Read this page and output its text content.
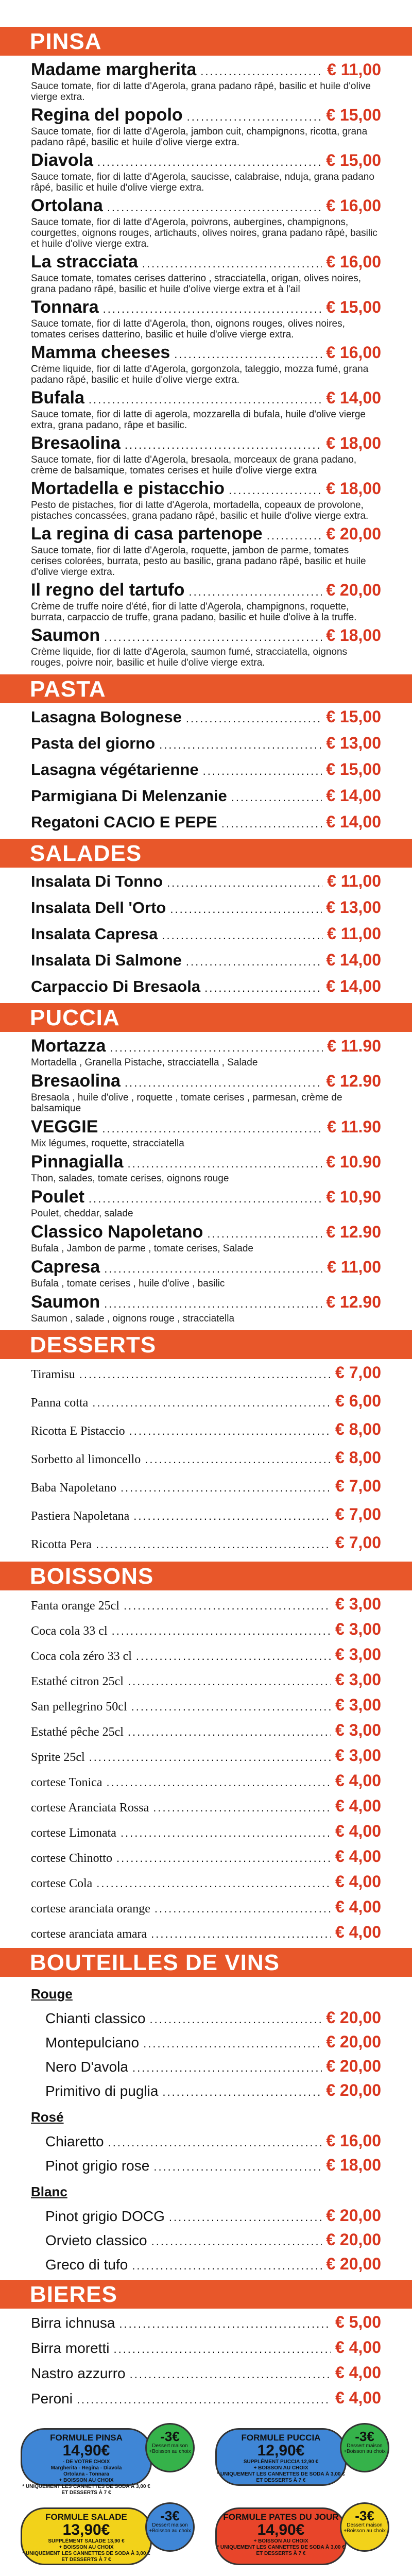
PINSA
Madame margherita .....	€ 11,00
Sauce tomate, fior di latte d'Agerola, grana padano râpé, basilic et huile d'olive vierge extra.
Regina del popolo .....	€ 15,00
Sauce tomate, fior di latte d'Agerola, jambon cuit, champignons, ricotta, grana padano râpé, basilic et huile d'olive vierge extra.
Diavola .....	€ 15,00
Sauce tomate, fior di latte d'Agerola, saucisse, calabraise, nduja, grana padano râpé, basilic et huile d'olive vierge extra.
Ortolana .....	€ 16,00
Sauce tomate, fior di latte d'Agerola, poivrons, aubergines, champignons, courgettes, oignons rouges, artichauts, olives noires, grana padano râpé, basilic et huile d'olive vierge extra.
La stracciata .....	€ 16,00
Sauce tomate, tomates cerises datterino , stracciatella, origan, olives noires, grana padano râpé, basilic et huile d'olive vierge extra et à l'ail
Tonnara .....	€ 15,00
Sauce tomate, fior di latte d'Agerola, thon, oignons rouges, olives noires, tomates cerises datterino, basilic et huile d'olive vierge extra.
Mamma cheeses .....	€ 16,00
Crème liquide, fior di latte d'Agerola, gorgonzola, taleggio, mozza fumé, grana padano râpé, basilic et huile d'olive vierge extra.
Bufala .....	€ 14,00
Sauce tomate, fior di latte di agerola, mozzarella di bufala, huile d'olive vierge extra, grana padano, râpe et basilic.
Bresaolina .....	€ 18,00
Sauce tomate, fior di latte d'Agerola, bresaola, morceaux de grana padano, crème de balsamique, tomates cerises et huile d'olive vierge extra
Mortadella e pistacchio .....	€ 18,00
Pesto de pistaches, fior di latte d'Agerola, mortadella, copeaux de provolone, pistaches concassées, grana padano râpé, basilic et huile d'olive vierge extra.
La regina di casa partenope .....	€ 20,00
Sauce tomate, fior di latte d'Agerola, roquette, jambon de parme, tomates cerises colorées, burrata, pesto au basilic, grana padano râpé, basilic et huile d'olive vierge extra.
Il regno del tartufo .....	€ 20,00
Crème de truffe noire d'été, fior di latte d'Agerola, champignons, roquette, burrata, carpaccio de truffe, grana padano, basilic et huile d'olive à la truffe.
Saumon .....	€ 18,00
Crème liquide, fior di latte d'Agerola, saumon fumé, stracciatella, oignons rouges, poivre noir, basilic et huile d'olive vierge extra.
PASTA
Lasagna Bolognese .....	€ 15,00
Pasta del giorno .....	€ 13,00
Lasagna végétarienne .....	€ 15,00
Parmigiana Di Melenzanie .....	€ 14,00
Regatoni CACIO E PEPE .....	€ 14,00
SALADES
Insalata Di Tonno .....	€ 11,00
Insalata Dell 'Orto .....	€ 13,00
Insalata Capresa .....	€ 11,00
Insalata Di Salmone .....	€ 14,00
Carpaccio Di Bresaola .....	€ 14,00
PUCCIA
Mortazza .....	€ 11.90
Mortadella , Granella Pistache, stracciatella , Salade
Bresaolina .....	€ 12.90
Bresaola , huile d'olive , roquette , tomate cerises , parmesan, crème de balsamique
VEGGIE .....	€ 11.90
Mix légumes, roquette, stracciatella
Pinnagialla .....	€ 10.90
Thon, salades, tomate cerises, oignons rouge
Poulet .....	€ 10,90
Poulet, cheddar, salade
Classico Napoletano .....	€ 12.90
Bufala , Jambon de parme , tomate cerises, Salade
Capresa .....	€ 11,00
Bufala , tomate cerises , huile d'olive , basilic
Saumon .....	€ 12.90
Saumon , salade , oignons rouge , stracciatella
DESSERTS
Tiramisu .....	€ 7,00
Panna cotta .....	€ 6,00
Ricotta E Pistaccio .....	€ 8,00
Sorbetto al limoncello .....	€ 8,00
Baba Napoletano .....	€ 7,00
Pastiera Napoletana .....	€ 7,00
Ricotta Pera .....	€ 7,00
BOISSONS
Fanta orange 25cl .....	€ 3,00
Coca cola 33 cl .....	€ 3,00
Coca cola zéro 33 cl .....	€ 3,00
Estathé citron 25cl .....	€ 3,00
San pellegrino 50cl .....	€ 3,00
Estathé pêche 25cl .....	€ 3,00
Sprite 25cl .....	€ 3,00
cortese Tonica .....	€ 4,00
cortese Aranciata Rossa .....	€ 4,00
cortese Limonata .....	€ 4,00
cortese Chinotto .....	€ 4,00
cortese Cola .....	€ 4,00
cortese aranciata orange .....	€ 4,00
cortese aranciata amara .....	€ 4,00
BOUTEILLES DE VINS
Rouge
Chianti classico .....	€ 20,00
Montepulciano .....	€ 20,00
Nero D'avola .....	€ 20,00
Primitivo di puglia .....	€ 20,00
Rosé
Chiaretto .....	€ 16,00
Pinot grigio rose .....	€ 18,00
Blanc
Pinot grigio DOCG .....	€ 20,00
Orvieto classico .....	€ 20,00
Greco di tufo .....	€ 20,00
BIERES
Birra ichnusa .....	€ 5,00
Birra moretti .....	€ 4,00
Nastro azzurro .....	€ 4,00
Peroni .....	€ 4,00
FORMULE PINSA
14,90€
- DE VOTRE CHOIX
Margherita - Regina - Diavola
Ortolana - Tonnara
+ BOISSON AU CHOIX
* UNIQUEMENT LES CANNETTES DE SODA À 3,00 € ET DESSERTS À 7 €
-3€
Dessert maison +Boisson au choix
FORMULE PUCCIA
12,90€
SUPPLÉMENT PUCCIA 12,90 €
+ BOISSON AU CHOIX
* UNIQUEMENT LES CANNETTES DE SODA À 3,00 € ET DESSERTS À 7 €
-3€
Dessert maison +Boisson au choix
FORMULE SALADE
13,90€
SUPPLÉMENT SALADE 13,90 €
+ BOISSON AU CHOIX
* UNIQUEMENT LES CANNETTES DE SODA À 3,00 € ET DESSERTS À 7 €
-3€
Dessert maison +Boisson au choix
FORMULE PATES DU JOUR
14,90€
+ BOISSON AU CHOIX
* UNIQUEMENT LES CANNETTES DE SODA À 3,00 € ET DESSERTS À 7 €
-3€
Dessert maison +Boisson au choix
